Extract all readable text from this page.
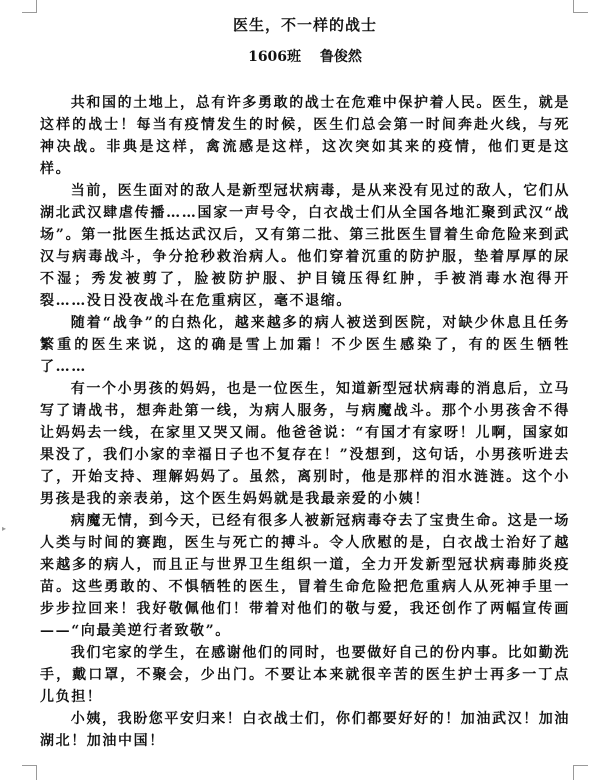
▸
医生，不一样的战士
1606班 鲁俊然

共和国的土地上，总有许多勇敢的战士在危难中保护着人民。医生，就是这样的战士！每当有疫情发生的时候，医生们总会第一时间奔赴火线，与死神决战。非典是这样，禽流感是这样，这次突如其来的疫情，他们更是这样。

当前，医生面对的敌人是新型冠状病毒，是从来没有见过的敌人，它们从湖北武汉肆虐传播……国家一声号令，白衣战士们从全国各地汇聚到武汉“战场”。第一批医生抵达武汉后，又有第二批、第三批医生冒着生命危险来到武汉与病毒战斗，争分抢秒救治病人。他们穿着沉重的防护服，垫着厚厚的尿不湿；秀发被剪了，脸被防护服、护目镜压得红肿，手被消毒水泡得开裂……没日没夜战斗在危重病区，毫不退缩。

随着“战争”的白热化，越来越多的病人被送到医院，对缺少休息且任务繁重的医生来说，这的确是雪上加霜！不少医生感染了，有的医生牺牲了……

有一个小男孩的妈妈，也是一位医生，知道新型冠状病毒的消息后，立马写了请战书，想奔赴第一线，为病人服务，与病魔战斗。那个小男孩舍不得让妈妈去一线，在家里又哭又闹。他爸爸说：“有国才有家呀！儿啊，国家如果没了，我们小家的幸福日子也不复存在！”没想到，这句话，小男孩听进去了，开始支持、理解妈妈了。虽然，离别时，他是那样的泪水涟涟。这个小男孩是我的亲表弟，这个医生妈妈就是我最亲爱的小姨！

病魔无情，到今天，已经有很多人被新冠病毒夺去了宝贵生命。这是一场人类与时间的赛跑，医生与死亡的搏斗。令人欣慰的是，白衣战士治好了越来越多的病人，而且正与世界卫生组织一道，全力开发新型冠状病毒肺炎疫苗。这些勇敢的、不惧牺牲的医生，冒着生命危险把危重病人从死神手里一步步拉回来！我好敬佩他们！带着对他们的敬与爱，我还创作了两幅宣传画——“向最美逆行者致敬”。

我们宅家的学生，在感谢他们的同时，也要做好自己的份内事。比如勤洗手，戴口罩，不聚会，少出门。不要让本来就很辛苦的医生护士再多一丁点儿负担！

小姨，我盼您平安归来！白衣战士们，你们都要好好的！加油武汉！加油湖北！加油中国！
